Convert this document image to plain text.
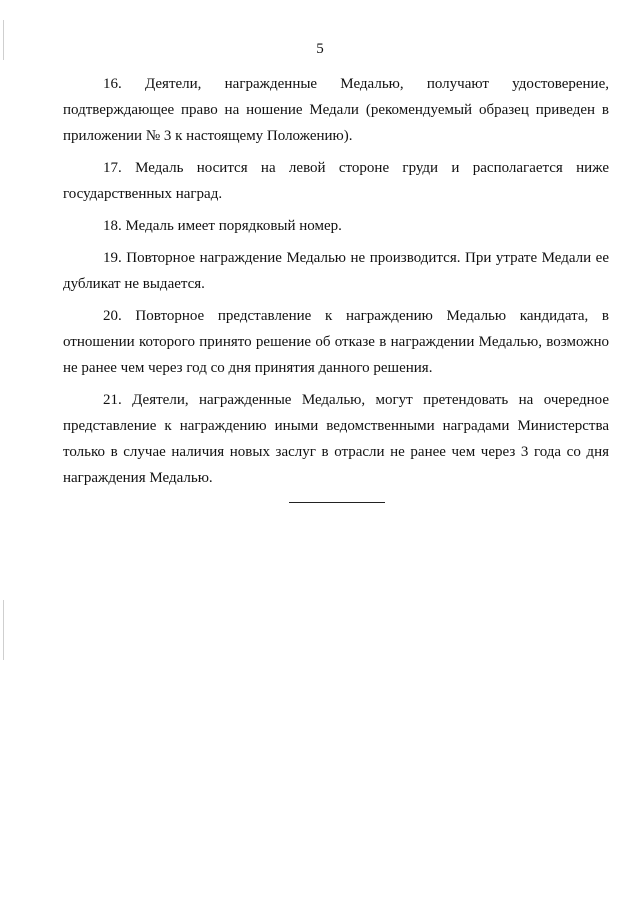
5

16. Деятели, награжденные Медалью, получают удостоверение, подтверждающее право на ношение Медали (рекомендуемый образец приведен в приложении № 3 к настоящему Положению).

17. Медаль носится на левой стороне груди и располагается ниже государственных наград.

18. Медаль имеет порядковый номер.

19. Повторное награждение Медалью не производится. При утрате Медали ее дубликат не выдается.

20. Повторное представление к награждению Медалью кандидата, в отношении которого принято решение об отказе в награждении Медалью, возможно не ранее чем через год со дня принятия данного решения.

21. Деятели, награжденные Медалью, могут претендовать на очередное представление к награждению иными ведомственными наградами Министерства только в случае наличия новых заслуг в отрасли не ранее чем через 3 года со дня награждения Медалью.
